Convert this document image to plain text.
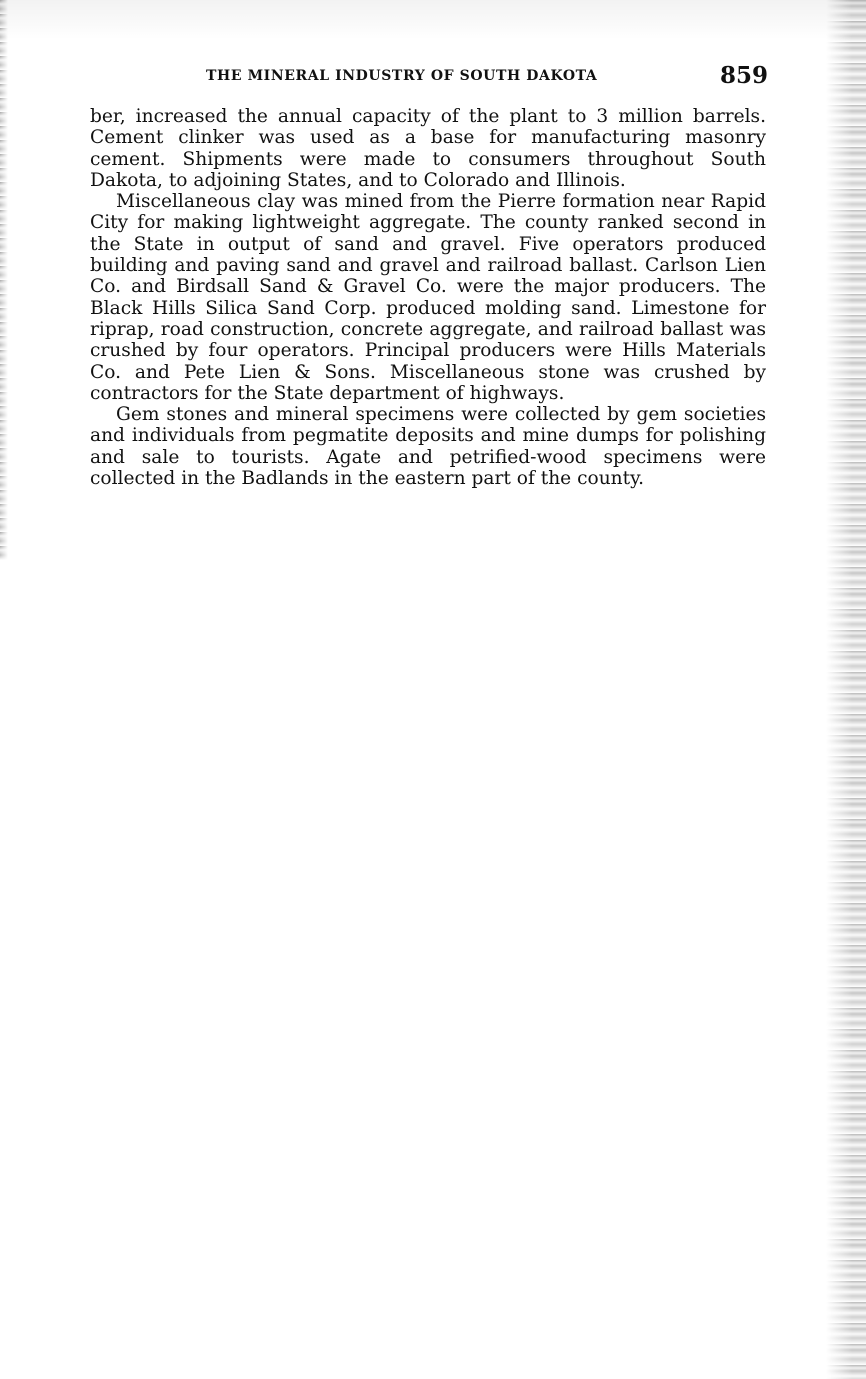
THE MINERAL INDUSTRY OF SOUTH DAKOTA	859

ber, increased the annual capacity of the plant to 3 million barrels. Cement clinker was used as a base for manufacturing masonry cement. Shipments were made to consumers throughout South Dakota, to adjoining States, and to Colorado and Illinois.

Miscellaneous clay was mined from the Pierre formation near Rapid City for making lightweight aggregate. The county ranked second in the State in output of sand and gravel. Five operators produced building and paving sand and gravel and railroad ballast. Carlson Lien Co. and Birdsall Sand & Gravel Co. were the major producers. The Black Hills Silica Sand Corp. produced molding sand. Limestone for riprap, road construction, concrete aggregate, and railroad ballast was crushed by four operators. Principal producers were Hills Materials Co. and Pete Lien & Sons. Miscellaneous stone was crushed by contractors for the State department of highways.

Gem stones and mineral specimens were collected by gem societies and individuals from pegmatite deposits and mine dumps for polishing and sale to tourists. Agate and petrified-wood specimens were collected in the Badlands in the eastern part of the county.
